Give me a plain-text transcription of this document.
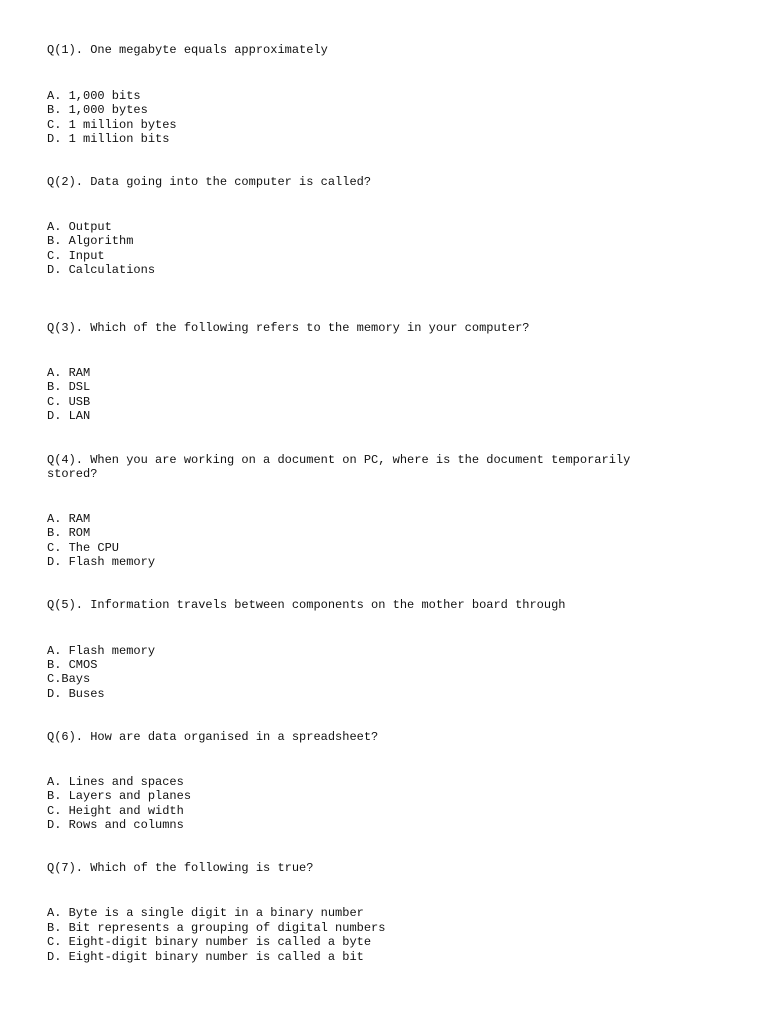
Q(1). One megabyte equals approximately

A. 1,000 bits

B. 1,000 bytes

C. 1 million bytes

D. 1 million bits

Q(2). Data going into the computer is called?

A. Output

B. Algorithm

C. Input

D. Calculations

Q(3). Which of the following refers to the memory in your computer?

A. RAM

B. DSL

C. USB

D. LAN

Q(4). When you are working on a document on PC, where is the document temporarily

stored?

A. RAM

B. ROM

C. The CPU

D. Flash memory

Q(5). Information travels between components on the mother board through

A. Flash memory

B. CMOS

C.Bays

D. Buses

Q(6). How are data organised in a spreadsheet?

A. Lines and spaces

B. Layers and planes

C. Height and width

D. Rows and columns

Q(7). Which of the following is true?

A. Byte is a single digit in a binary number

B. Bit represents a grouping of digital numbers

C. Eight-digit binary number is called a byte

D. Eight-digit binary number is called a bit
